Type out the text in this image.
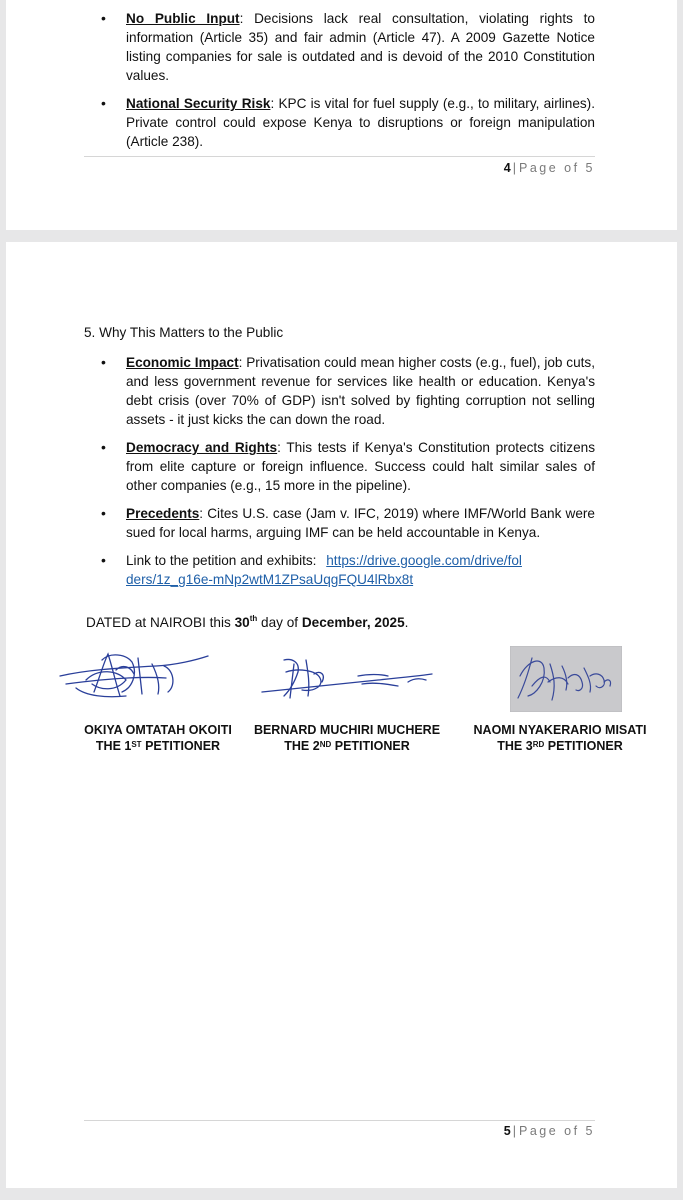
• No Public Input: Decisions lack real consultation, violating rights to information (Article 35) and fair admin (Article 47). A 2009 Gazette Notice listing companies for sale is outdated and is devoid of the 2010 Constitution values.
• National Security Risk: KPC is vital for fuel supply (e.g., to military, airlines). Private control could expose Kenya to disruptions or foreign manipulation (Article 238).
4 | Page of 5
5. Why This Matters to the Public
• Economic Impact: Privatisation could mean higher costs (e.g., fuel), job cuts, and less government revenue for services like health or education. Kenya's debt crisis (over 70% of GDP) isn't solved by fighting corruption not selling assets - it just kicks the can down the road.
• Democracy and Rights: This tests if Kenya's Constitution protects citizens from elite capture or foreign influence. Success could halt similar sales of other companies (e.g., 15 more in the pipeline).
• Precedents: Cites U.S. case (Jam v. IFC, 2019) where IMF/World Bank were sued for local harms, arguing IMF can be held accountable in Kenya.
• Link to the petition and exhibits: https://drive.google.com/drive/folders/1z_g16e-mNp2wtM1ZPsaUqgFQU4lRbx8t
DATED at NAIROBI this 30th day of December, 2025.
OKIYA OMTATAH OKOITI
THE 1ST PETITIONER
BERNARD MUCHIRI MUCHERE
THE 2ND PETITIONER
NAOMI NYAKERARIO MISATI
THE 3RD PETITIONER
5 | Page of 5
